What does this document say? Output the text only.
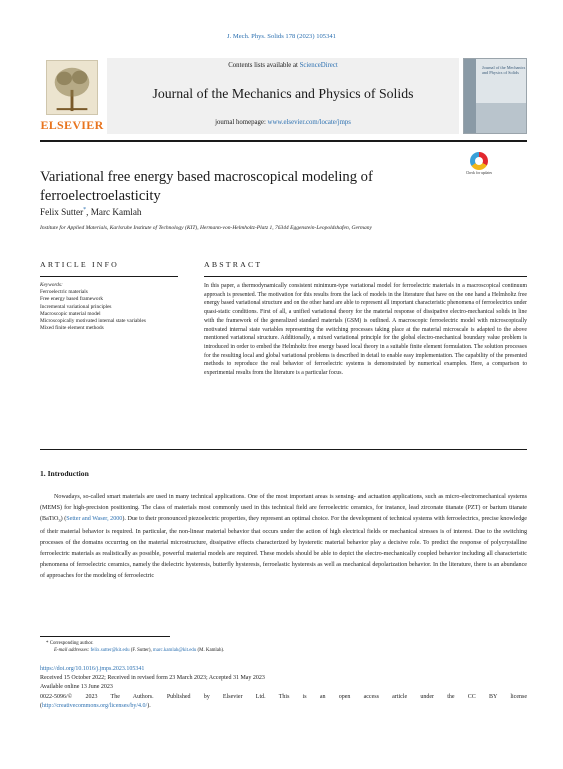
J. Mech. Phys. Solids 178 (2023) 105341
ELSEVIER
Contents lists available at ScienceDirect
Journal of the Mechanics and Physics of Solids
journal homepage: www.elsevier.com/locate/jmps
Journal of the Mechanics and Physics of Solids
Variational free energy based macroscopical modeling of ferroelectroelasticity
Check for updates
Felix Sutter*, Marc Kamlah
Institute for Applied Materials, Karlsruhe Institute of Technology (KIT), Hermann-von-Helmholtz-Platz 1, 76344 Eggenstein-Leopoldshafen, Germany
ARTICLE INFO	ABSTRACT
Keywords:
Ferroelectric materials
Free energy based framework
Incremental variational principles
Macroscopic material model
Microscopically motivated internal state variables
Mixed finite element methods
In this paper, a thermodynamically consistent minimum-type variational model for ferroelectric materials in a macroscopical continuum approach is presented. The motivation for this results from the lack of models in the literature that have on the one hand a Helmholtz free energy based variational structure and on the other hand are able to represent all important characteristic phenomena of ferroelectrics under quasi-static conditions. First of all, a unified variational theory for the material response of dissipative electro-mechanical solids in line with the framework of the generalized standard materials (GSM) is outlined. A macroscopic ferroelectric model with microscopically motivated internal state variables representing the switching processes taking place at the material microscale is adapted to the above mentioned variational structure. Additionally, a mixed variational principle for the global electro-mechanical boundary value problem is introduced in order to embed the Helmholtz free energy based local theory in a suitable finite element formulation. The solution processes for the resulting local and global variational problems is described in detail to enable easy implementation. The capability of the presented methods to reproduce the real behavior of ferroelectric systems is demonstrated by numerical examples. Here, a comparison to experimental results from the literature is a particular focus.
1. Introduction
Nowadays, so-called smart materials are used in many technical applications. One of the most important areas is sensing- and actuation applications, such as micro-electromechanical systems (MEMS) for high-precision positioning. The class of materials most commonly used in this technical field are ferroelectric ceramics, for instance, lead zirconate titanate (PZT) or barium titanate (BaTiO$_3$) (Setter and Waser, 2000). Due to their pronounced piezoelectric properties, they represent an optimal choice. For the development of technical systems with ferroelectrics, precise knowledge of their material behavior is required. In particular, the non-linear material behavior that occurs under the action of high electrical fields or mechanical stresses is of interest. Due to the switching processes of the domains occurring on the material microstructure, dissipative effects characterized by hysteretic material behavior play a decisive role. To predict the response of polycrystalline ferroelectric materials as realistically as possible, powerful material models are required. These models should be able to depict the electro-mechanically coupled behavior including all characteristic phenomena of ferroelectric ceramics, namely the dielectric hysteresis, butterfly hysteresis, ferroelastic hysteresis as well as mechanical depolarization behavior. In the literature, there is an abundance of approaches for the modeling of ferroelectric
* Corresponding author.
E-mail addresses: felix.sutter@kit.edu (F. Sutter), marc.kamlah@kit.edu (M. Kamlah).
https://doi.org/10.1016/j.jmps.2023.105341
Received 15 October 2022; Received in revised form 23 March 2023; Accepted 31 May 2023
Available online 13 June 2023
0022-5096/© 2023 The Authors. Published by Elsevier Ltd. This is an open access article under the CC BY license
(http://creativecommons.org/licenses/by/4.0/).
